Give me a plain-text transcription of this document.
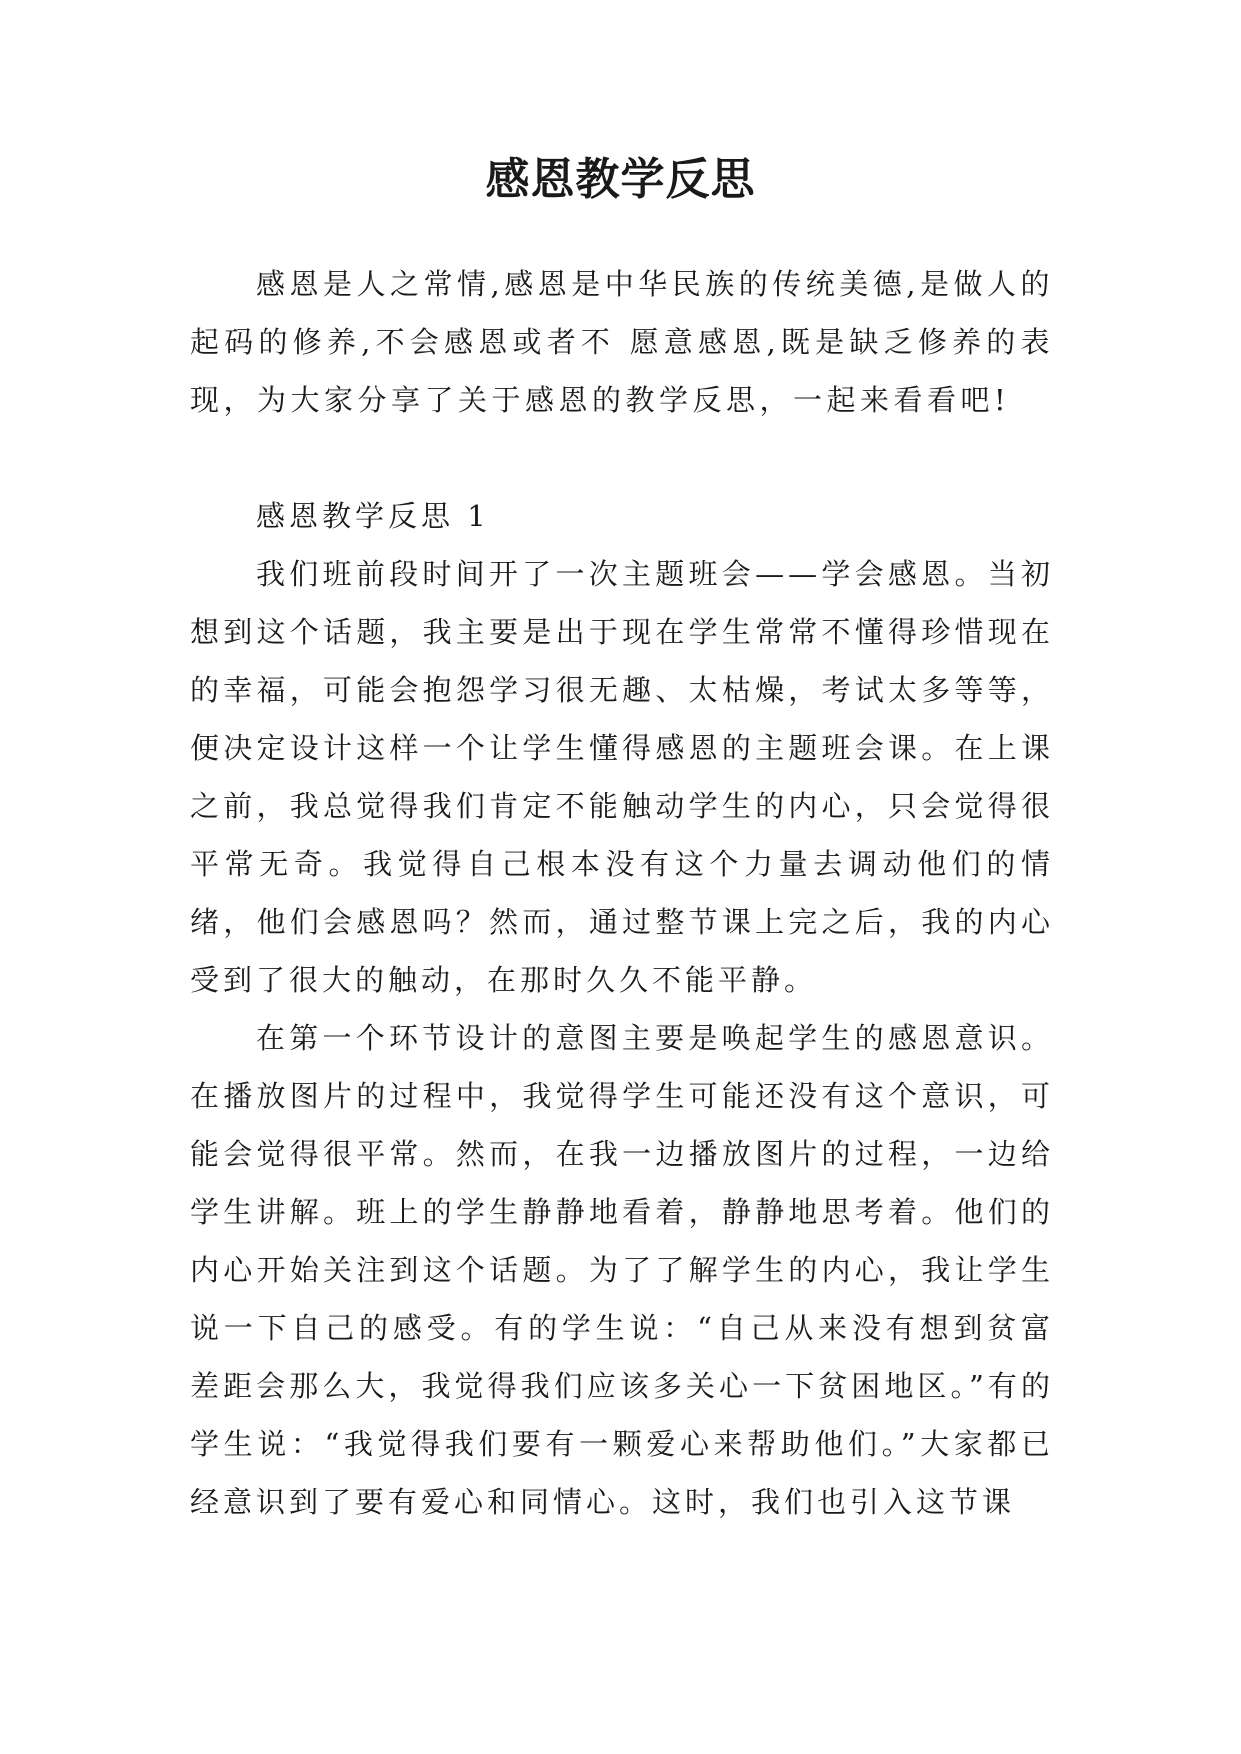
感恩教学反思

感恩是人之常情,感恩是中华民族的传统美德,是做人的起码的修养,不会感恩或者不 愿意感恩,既是缺乏修养的表现，为大家分享了关于感恩的教学反思，一起来看看吧!

感恩教学反思 1

我们班前段时间开了一次主题班会——学会感恩。当初想到这个话题，我主要是出于现在学生常常不懂得珍惜现在的幸福，可能会抱怨学习很无趣、太枯燥，考试太多等等，便决定设计这样一个让学生懂得感恩的主题班会课。在上课之前，我总觉得我们肯定不能触动学生的内心，只会觉得很平常无奇。我觉得自己根本没有这个力量去调动他们的情绪，他们会感恩吗？然而，通过整节课上完之后，我的内心受到了很大的触动，在那时久久不能平静。

在第一个环节设计的意图主要是唤起学生的感恩意识。在播放图片的过程中，我觉得学生可能还没有这个意识，可能会觉得很平常。然而，在我一边播放图片的过程，一边给学生讲解。班上的学生静静地看着，静静地思考着。他们的内心开始关注到这个话题。为了了解学生的内心，我让学生说一下自己的感受。有的学生说：“自己从来没有想到贫富差距会那么大，我觉得我们应该多关心一下贫困地区。”有的学生说：“我觉得我们要有一颗爱心来帮助他们。”大家都已经意识到了要有爱心和同情心。这时，我们也引入这节课
